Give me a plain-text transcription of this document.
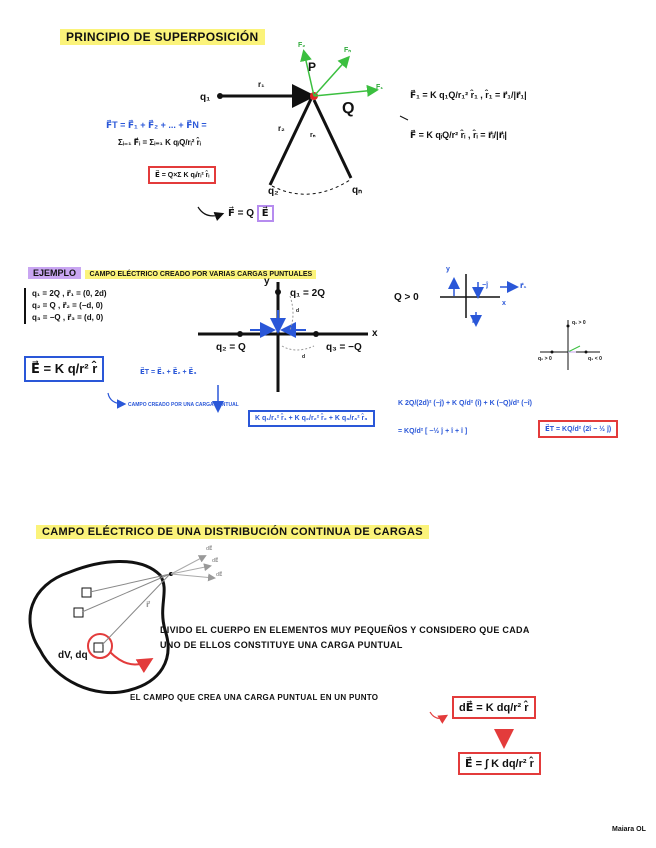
PRINCIPIO DE SUPERPOSICIÓN
P
Q
q₁
q₂	qₙ
r₁
r₂
rₙ
F₂
Fₙ
F₁
F⃗T = F⃗₁ + F⃗₂ + ... + F⃗N =
Σᵢ₌₁ F⃗ᵢ = Σᵢ₌₁ K qᵢQ/rᵢ² r̂ᵢ
E⃗ = Q×Σ K qᵢ/rᵢ² r̂ᵢ
F⃗ = Q E⃗
F⃗₁ = K q₁Q/r₁² r̂₁ , r̂₁ = r⃗₁/|r⃗₁|
F⃗ = K qᵢQ/r² r̂ᵢ , r̂ᵢ = r⃗ᵢ/|r⃗ᵢ|
EJEMPLO CAMPO ELÉCTRICO CREADO POR VARIAS CARGAS PUNTUALES
q₁ = 2Q , r⃗₁ = (0, 2d)
q₂ = Q , r⃗₂ = (−d, 0)
q₃ = −Q , r⃗₃ = (d, 0)
y
x
q₁ = 2Q
q₂ = Q	q₃ = −Q
d
d
Q > 0
y
−ĵ	r⃗₁
x
î	q₁ > 0
q₂ > 0	q₃ < 0
E⃗ = K q/r² r̂
CAMPO CREADO POR UNA CARGA PUNTUAL
E⃗T = E⃗₁ + E⃗₂ + E⃗₃
K q₁/r₁² r̂₁ + K q₂/r₂² r̂₂ + K q₃/r₃² r̂₃
K 2Q/(2d)² (−ĵ) + K Q/d² (î) + K (−Q)/d² (−î)
= KQ/d² [ −½ ĵ + î + î ]	E⃗T = KQ/d² (2î − ½ ĵ)
CAMPO ELÉCTRICO DE UNA DISTRIBUCIÓN CONTINUA DE CARGAS
dV, dq
dE⃗
dE⃗
dE⃗
r⃗
DIVIDO EL CUERPO EN ELEMENTOS MUY PEQUEÑOS Y CONSIDERO QUE CADA
UNO DE ELLOS CONSTITUYE UNA CARGA PUNTUAL
EL CAMPO QUE CREA UNA CARGA PUNTUAL EN UN PUNTO
dE⃗ = K dq/r² r̂
E⃗ = ∫ K dq/r² r̂
Maiara OL
